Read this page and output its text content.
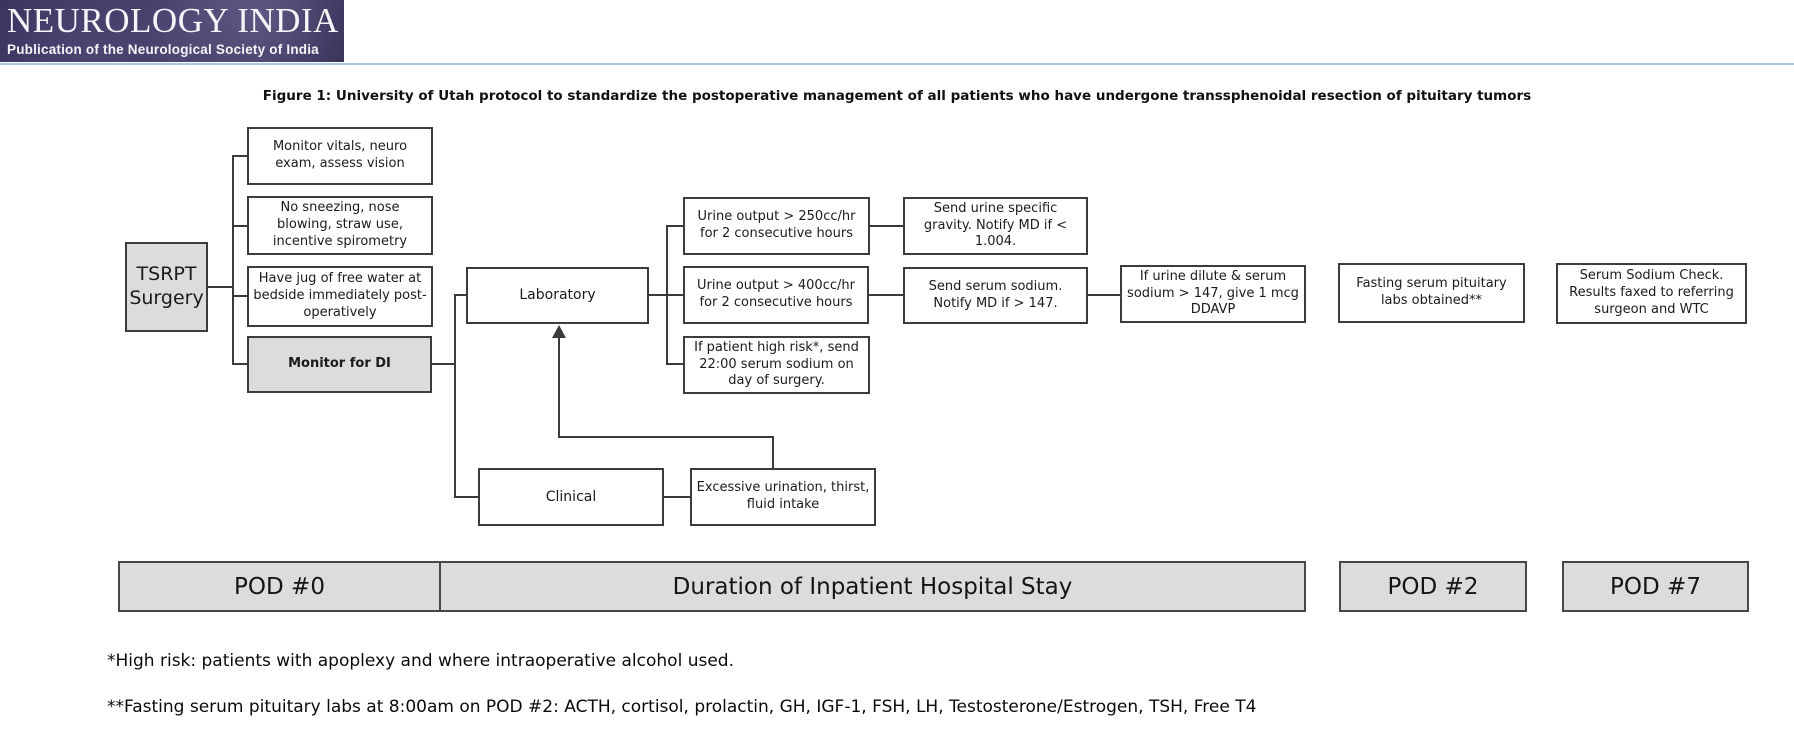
NEUROLOGY INDIA
Publication of the Neurological Society of India
Figure 1: University of Utah protocol to standardize the postoperative management of all patients who have undergone transsphenoidal resection of pituitary tumors
TSRPT Surgery
Monitor vitals, neuro exam, assess vision
No sneezing, nose blowing, straw use, incentive spirometry
Have jug of free water at bedside immediately post-operatively
Monitor for DI
Laboratory
Urine output > 250cc/hr for 2 consecutive hours
Urine output > 400cc/hr for 2 consecutive hours
If patient high risk*, send 22:00 serum sodium on day of surgery.
Send urine specific gravity. Notify MD if < 1.004.
Send serum sodium. Notify MD if > 147.
If urine dilute & serum sodium > 147, give 1 mcg DDAVP
Fasting serum pituitary labs obtained**
Serum Sodium Check. Results faxed to referring surgeon and WTC
Clinical
Excessive urination, thirst, fluid intake
POD #0	Duration of Inpatient Hospital Stay	POD #2	POD #7
*High risk: patients with apoplexy and where intraoperative alcohol used.
**Fasting serum pituitary labs at 8:00am on POD #2: ACTH, cortisol, prolactin, GH, IGF-1, FSH, LH, Testosterone/Estrogen, TSH, Free T4
